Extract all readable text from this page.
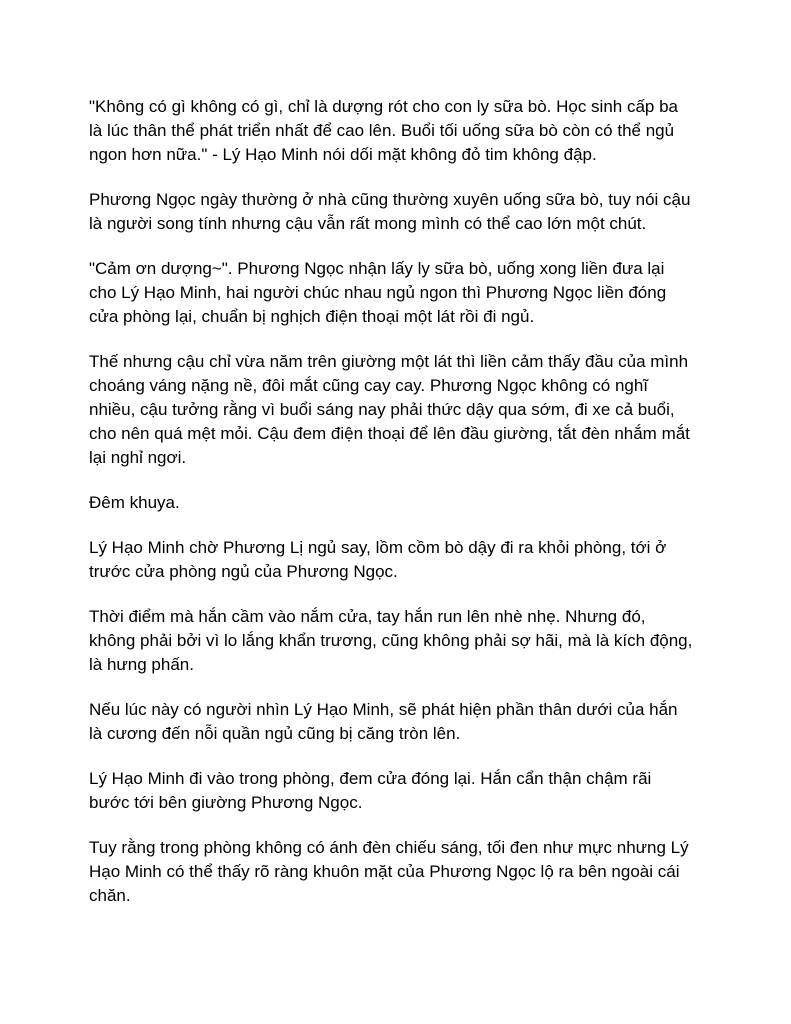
"Không có gì không có gì, chỉ là dượng rót cho con ly sữa bò. Học sinh cấp ba là lúc thân thể phát triển nhất để cao lên. Buổi tối uống sữa bò còn có thể ngủ ngon hơn nữa." - Lý Hạo Minh nói dối mặt không đỏ tim không đập.

Phương Ngọc ngày thường ở nhà cũng thường xuyên uống sữa bò, tuy nói cậu là người song tính nhưng cậu vẫn rất mong mình có thể cao lớn một chút.

"Cảm ơn dượng~". Phương Ngọc nhận lấy ly sữa bò, uống xong liền đưa lại cho Lý Hạo Minh, hai người chúc nhau ngủ ngon thì Phương Ngọc liền đóng cửa phòng lại, chuẩn bị nghịch điện thoại một lát rồi đi ngủ.

Thế nhưng cậu chỉ vừa năm trên giường một lát thì liền cảm thấy đầu của mình choáng váng nặng nề, đôi mắt cũng cay cay. Phương Ngọc không có nghĩ nhiều, cậu tưởng rằng vì buổi sáng nay phải thức dậy qua sớm, đi xe cả buổi, cho nên quá mệt mỏi. Cậu đem điện thoại để lên đầu giường, tắt đèn nhắm mắt lại nghỉ ngơi.

Đêm khuya.

Lý Hạo Minh chờ Phương Lị ngủ say, lồm cồm bò dậy đi ra khỏi phòng, tới ở trước cửa phòng ngủ của Phương Ngọc.

Thời điểm mà hắn cầm vào nắm cửa, tay hắn run lên nhè nhẹ. Nhưng đó, không phải bởi vì lo lắng khẩn trương, cũng không phải sợ hãi, mà là kích động, là hưng phấn.

Nếu lúc này có người nhìn Lý Hạo Minh, sẽ phát hiện phần thân dưới của hắn là cương đến nỗi quần ngủ cũng bị căng tròn lên.

Lý Hạo Minh đi vào trong phòng, đem cửa đóng lại. Hắn cẩn thận chậm rãi bước tới bên giường Phương Ngọc.

Tuy rằng trong phòng không có ánh đèn chiếu sáng, tối đen như mực nhưng Lý Hạo Minh có thể thấy rõ ràng khuôn mặt của Phương Ngọc lộ ra bên ngoài cái chăn.
